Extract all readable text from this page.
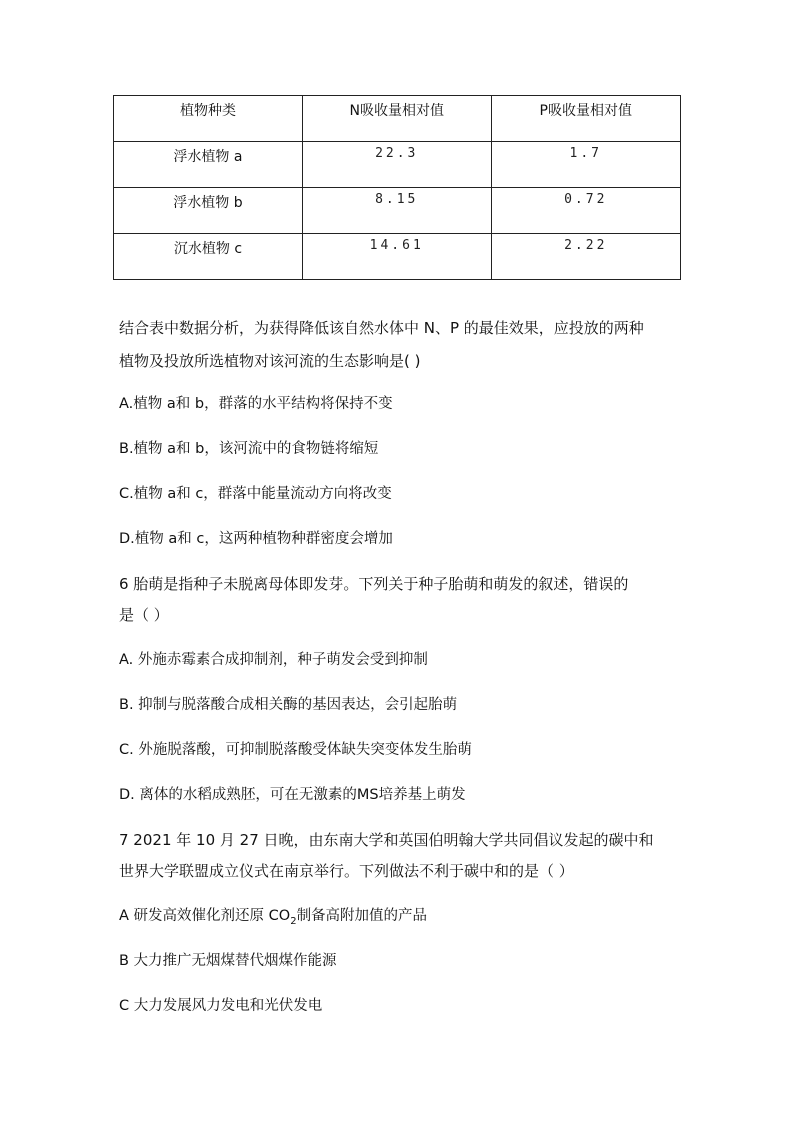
植物种类	N吸收量相对值	P吸收量相对值
浮水植物 a	22.3	1.7
浮水植物 b	8.15	0.72
沉水植物 c	14.61	2.22
结合表中数据分析，为获得降低该自然水体中 N、P 的最佳效果，应投放的两种
植物及投放所选植物对该河流的生态影响是( )
A.植物 a和 b，群落的水平结构将保持不变
B.植物 a和 b，该河流中的食物链将缩短
C.植物 a和 c，群落中能量流动方向将改变
D.植物 a和 c，这两种植物种群密度会增加
6 胎萌是指种子未脱离母体即发芽。下列关于种子胎萌和萌发的叙述，错误的
是（ ）
A. 外施赤霉素合成抑制剂，种子萌发会受到抑制
B. 抑制与脱落酸合成相关酶的基因表达，会引起胎萌
C. 外施脱落酸，可抑制脱落酸受体缺失突变体发生胎萌
D. 离体的水稻成熟胚，可在无激素的MS培养基上萌发
7 2021 年 10 月 27 日晚，由东南大学和英国伯明翰大学共同倡议发起的碳中和
世界大学联盟成立仪式在南京举行。下列做法不利于碳中和的是（ ）
A 研发高效催化剂还原 $CO_2$制备高附加值的产品
B 大力推广无烟煤替代烟煤作能源
C 大力发展风力发电和光伏发电
